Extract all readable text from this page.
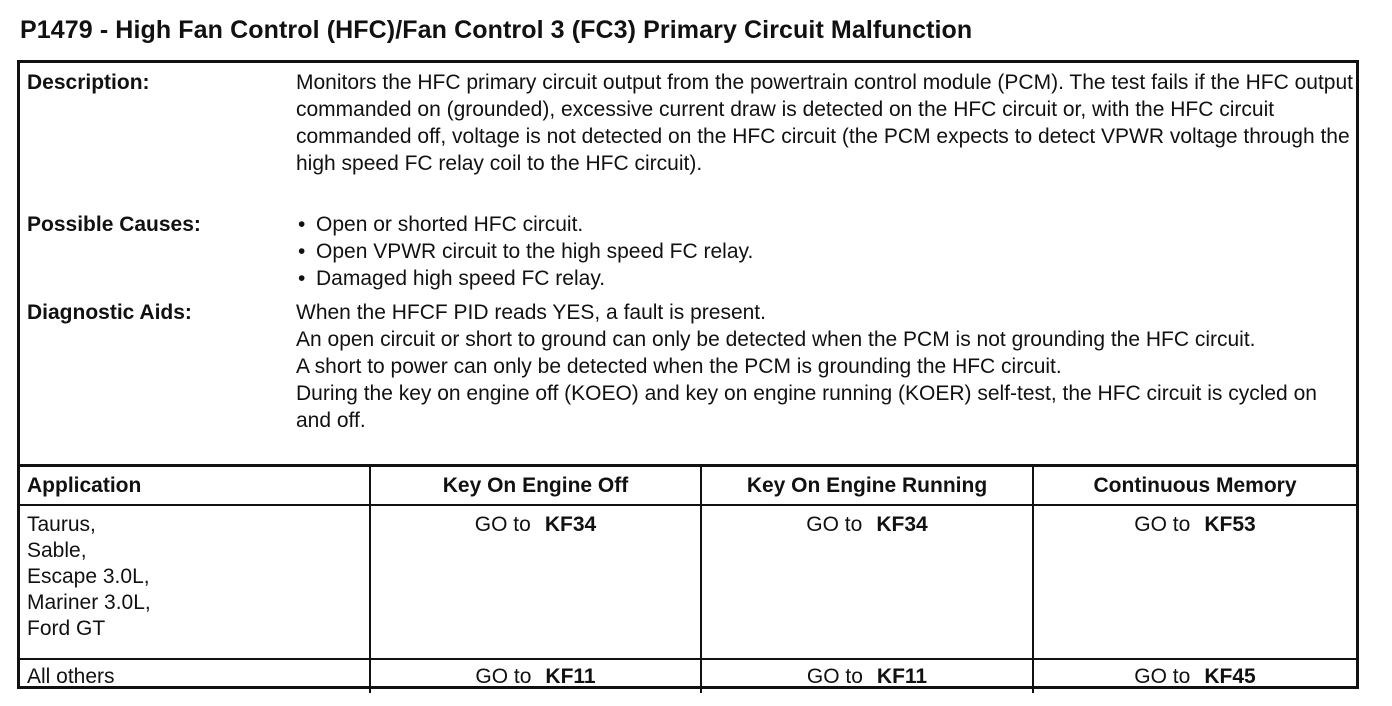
P1479 - High Fan Control (HFC)/Fan Control 3 (FC3) Primary Circuit Malfunction
Description:	Monitors the HFC primary circuit output from the powertrain control module (PCM). The test fails if the HFC output commanded on (grounded), excessive current draw is detected on the HFC circuit or, with the HFC circuit commanded off, voltage is not detected on the HFC circuit (the PCM expects to detect VPWR voltage through the high speed FC relay coil to the HFC circuit).

Possible Causes:	• Open or shorted HFC circuit.
• Open VPWR circuit to the high speed FC relay.
• Damaged high speed FC relay.
Diagnostic Aids:	When the HFCF PID reads YES, a fault is present.

An open circuit or short to ground can only be detected when the PCM is not grounding the HFC circuit.

A short to power can only be detected when the PCM is grounding the HFC circuit.

During the key on engine off (KOEO) and key on engine running (KOER) self-test, the HFC circuit is cycled on and off.

Application	Key On Engine Off	Key On Engine Running	Continuous Memory

Taurus,
Sable,
Escape 3.0L,
Mariner 3.0L,
Ford GT	GO to KF34	GO to KF34	GO to KF53
All others	GO to KF11	GO to KF11	GO to KF45
